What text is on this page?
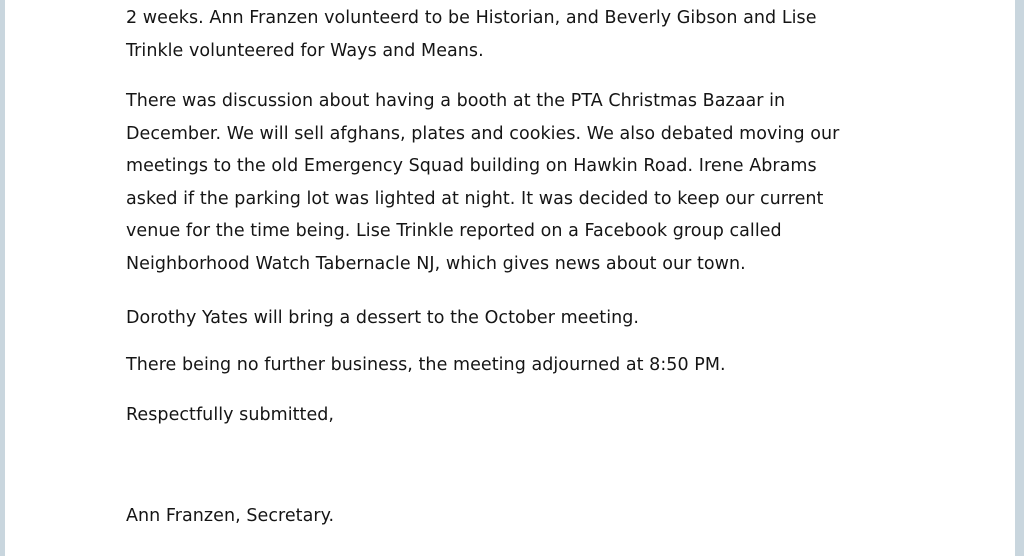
2 weeks. Ann Franzen volunteerd to be Historian, and Beverly Gibson and Lise
Trinkle volunteered for Ways and Means.

There was discussion about having a booth at the PTA Christmas Bazaar in
December. We will sell afghans, plates and cookies. We also debated moving our
meetings to the old Emergency Squad building on Hawkin Road. Irene Abrams
asked if the parking lot was lighted at night. It was decided to keep our current
venue for the time being. Lise Trinkle reported on a Facebook group called
Neighborhood Watch Tabernacle NJ, which gives news about our town.

Dorothy Yates will bring a dessert to the October meeting.

There being no further business, the meeting adjourned at 8:50 PM.

Respectfully submitted,

Ann Franzen, Secretary.
